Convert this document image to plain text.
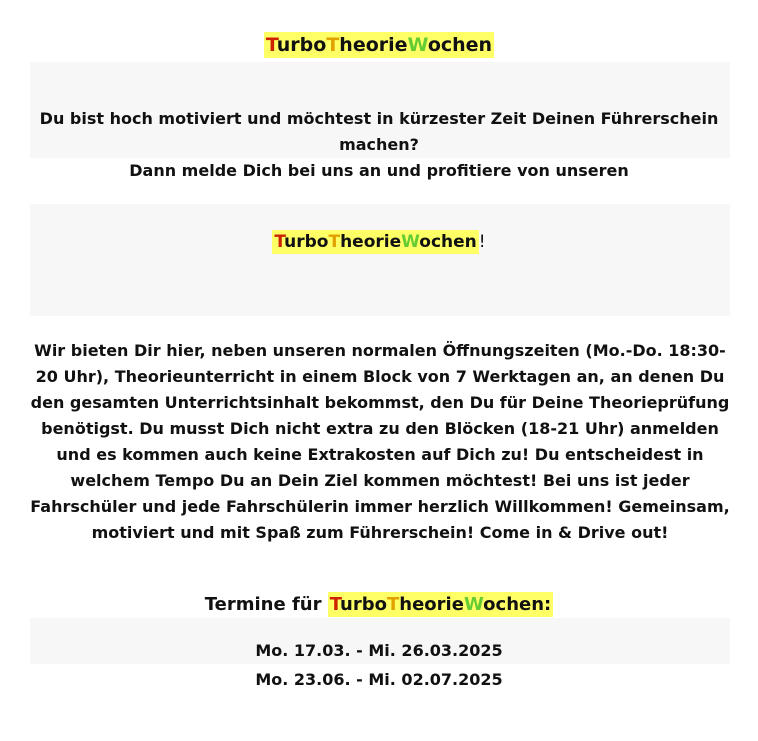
TurboTheorieWochen
Du bist hoch motiviert und möchtest in kürzester Zeit Deinen Führerschein
machen?
Dann melde Dich bei uns an und profitiere von unseren
TurboTheorieWochen !

Wir bieten Dir hier, neben unseren normalen Öffnungszeiten (Mo.-Do. 18:30-20 Uhr), Theorieunterricht in einem Block von 7 Werktagen an, an denen Du den gesamten Unterrichtsinhalt bekommst, den Du für Deine Theorieprüfung benötigst. Du musst Dich nicht extra zu den Blöcken (18-21 Uhr) anmelden und es kommen auch keine Extrakosten auf Dich zu! Du entscheidest in welchem Tempo Du an Dein Ziel kommen möchtest! Bei uns ist jeder Fahrschüler und jede Fahrschülerin immer herzlich Willkommen! Gemeinsam, motiviert und mit Spaß zum Führerschein! Come in & Drive out!

Termine für TurboTheorieWochen:
Mo. 17.03. - Mi. 26.03.2025
Mo. 23.06. - Mi. 02.07.2025
